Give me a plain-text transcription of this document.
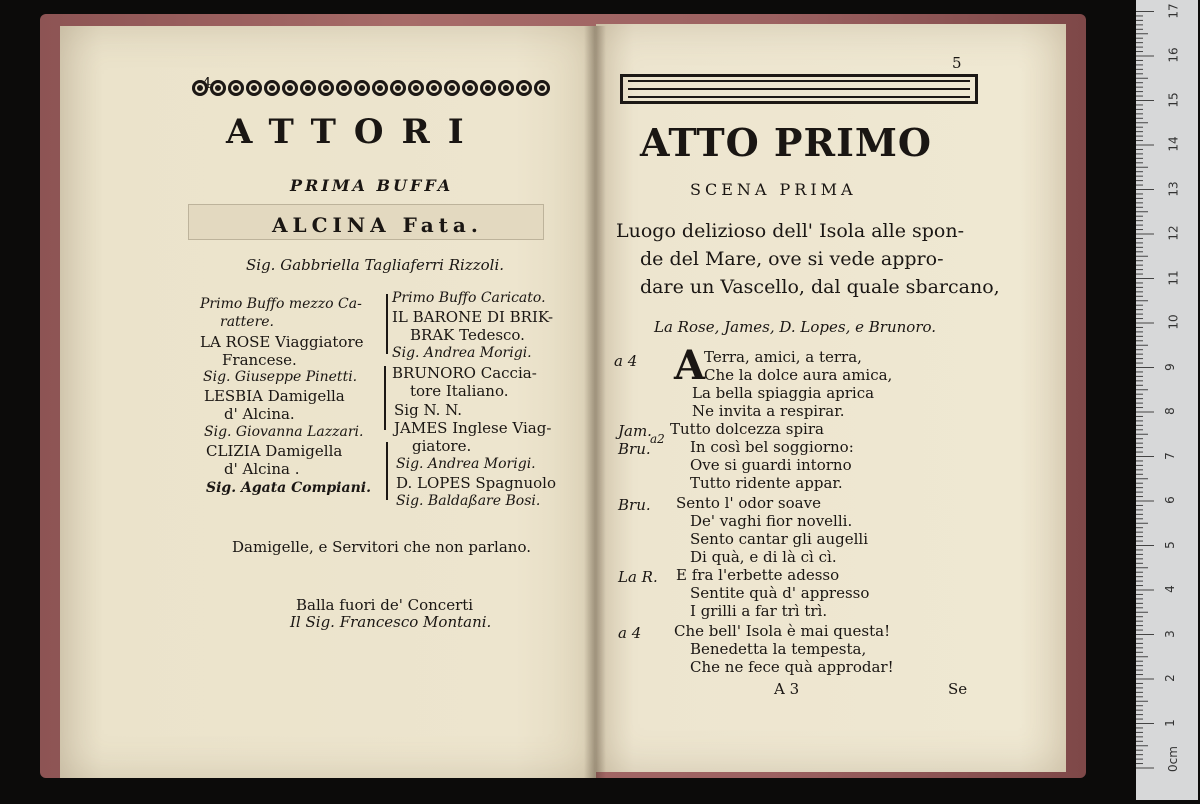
ATTORI
PRIMA BUFFA
ALCINA Fata.
Sig. Gabbriella Tagliaferri Rizzoli.
Primo Buffo mezzo Ca-
rattere.
LA ROSE Viaggiatore
Francese.
Sig. Giuseppe Pinetti.
LESBIA Damigella
d' Alcina.
Sig. Giovanna Lazzari.
CLIZIA Damigella
d' Alcina .
Sig. Agata Compiani.
Primo Buffo Caricato.
IL BARONE DI BRIK-
BRAK Tedesco.
Sig. Andrea Morigi.
BRUNORO Caccia-
tore Italiano.
Sig N. N.
JAMES Inglese Viag-
giatore.
Sig. Andrea Morigi.
D. LOPES Spagnuolo
Sig. Baldaßare Bosi.
Damigelle, e Servitori che non parlano.
Balla fuori de' Concerti
Il Sig. Francesco Montani.
5
ATTO PRIMO
SCENA PRIMA
Luogo delizioso dell' Isola alle spon-
de del Mare, ove si vede appro-
dare un Vascello, dal quale sbarcano,
La Rose, James, D. Lopes, e Brunoro.
a 4 A
Terra, amici, a terra,
Che la dolce aura amica,
La bella spiaggia aprica
Ne invita a respirar.
Jam.
a2
Tutto dolcezza spira
Bru.	In così bel soggiorno:
Ove si guardi intorno
Tutto ridente appar.
Bru. Sento l' odor soave
De' vaghi fior novelli.
Sento cantar gli augelli
Di quà, e di là cì cì.
La R. E fra l'erbette adesso
Sentite quà d' appresso
I grilli a far trì trì.
a 4 Che bell' Isola è mai questa!
Benedetta la tempesta,
Che ne fece quà approdar!
A 3	Se
0cm
1
2
3
4
5
6
7
8
9
10
11
12
13
14
15
16
17
